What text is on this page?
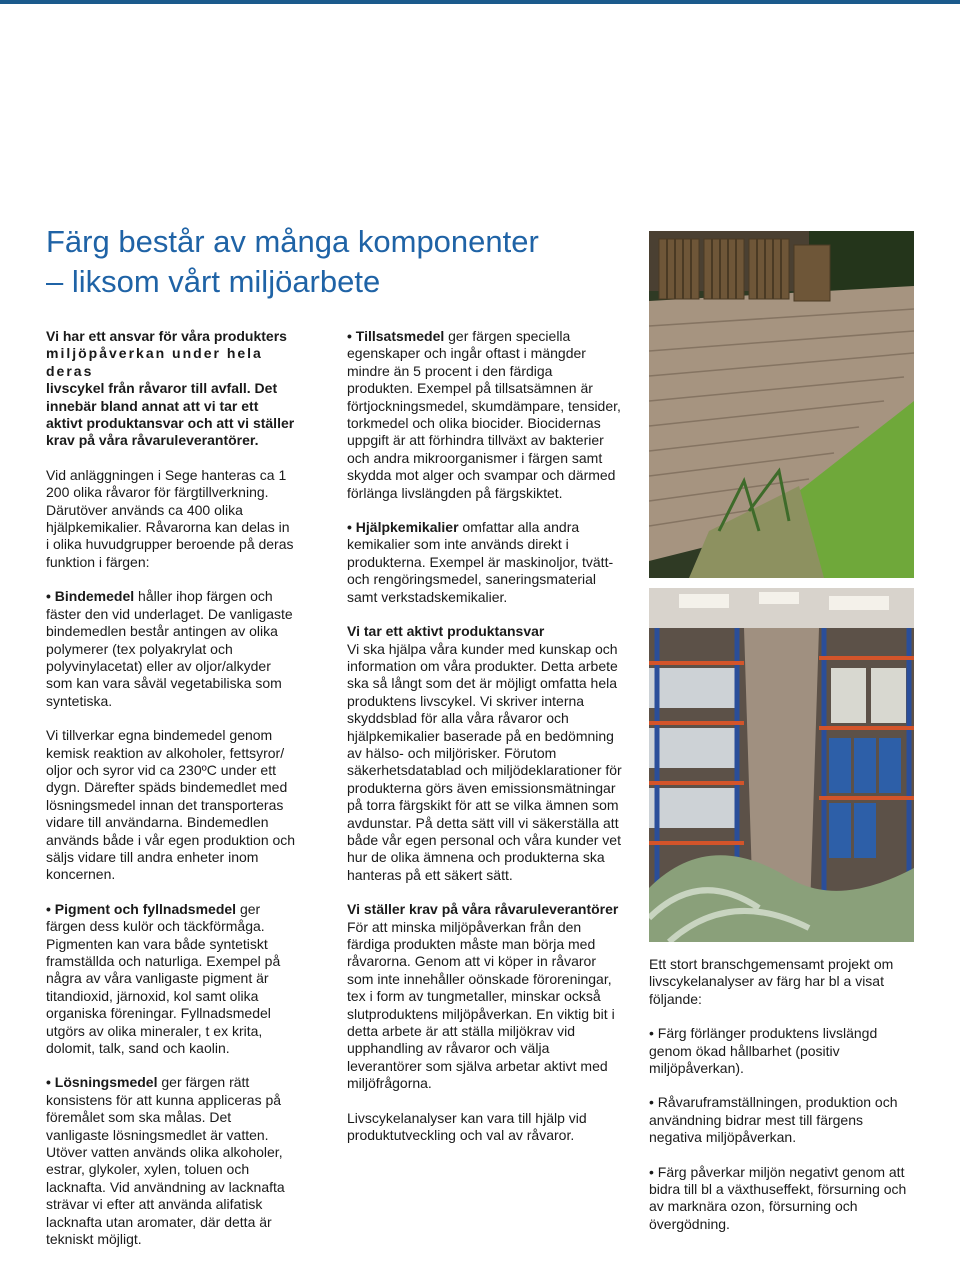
Färg består av många komponenter
– liksom vårt miljöarbete

Vi har ett ansvar för våra produkters
miljöpåverkan under hela deras
livscykel från råvaror till avfall. Det innebär bland annat att vi tar ett aktivt produktansvar och att vi ställer krav på våra råvaruleverantörer.

Vid anläggningen i Sege hanteras ca 1 200 olika råvaror för färgtillverkning. Därutöver används ca 400 olika hjälpkemikalier. Råvarorna kan delas in i olika huvudgrupper beroende på deras funktion i färgen:

• Bindemedel håller ihop färgen och fäster den vid underlaget. De vanligaste bindemedlen består antingen av olika polymerer (tex polyakrylat och polyvinylacetat) eller av oljor/alkyder som kan vara såväl vegetabiliska som syntetiska.

Vi tillverkar egna bindemedel genom kemisk reaktion av alkoholer, fettsyror/ oljor och syror vid ca 230ºC under ett dygn. Därefter späds bindemedlet med lösningsmedel innan det transporteras vidare till användarna. Bindemedlen används både i vår egen produktion och säljs vidare till andra enheter inom koncernen.

• Pigment och fyllnadsmedel ger färgen dess kulör och täckförmåga. Pigmenten kan vara både syntetiskt framställda och naturliga. Exempel på några av våra vanligaste pigment är titandioxid, järnoxid, kol samt olika organiska föreningar. Fyllnadsmedel utgörs av olika mineraler, t ex krita, dolomit, talk, sand och kaolin.

• Lösningsmedel ger färgen rätt konsistens för att kunna appliceras på föremålet som ska målas. Det vanligaste lösningsmedlet är vatten. Utöver vatten används olika alkoholer, estrar, glykoler, xylen, toluen och lacknafta. Vid användning av lacknafta strävar vi efter att använda alifatisk lacknafta utan aromater, där detta är tekniskt möjligt.

• Tillsatsmedel ger färgen speciella egenskaper och ingår oftast i mängder mindre än 5 procent i den färdiga produkten. Exempel på tillsatsämnen är förtjockningsmedel, skumdämpare, tensider, torkmedel och olika biocider. Biocidernas uppgift är att förhindra tillväxt av bakterier och andra mikroorganismer i färgen samt skydda mot alger och svampar och därmed förlänga livslängden på färgskiktet.

• Hjälpkemikalier omfattar alla andra kemikalier som inte används direkt i produkterna. Exempel är maskinoljor, tvätt- och rengöringsmedel, saneringsmaterial samt verkstadskemikalier.

Vi tar ett aktivt produktansvar
Vi ska hjälpa våra kunder med kunskap och information om våra produkter. Detta arbete ska så långt som det är möjligt omfatta hela produktens livscykel. Vi skriver interna skyddsblad för alla våra råvaror och hjälpkemikalier baserade på en bedömning av hälso- och miljörisker. Förutom säkerhetsdatablad och miljödeklarationer för produkterna görs även emissionsmätningar på torra färgskikt för att se vilka ämnen som avdunstar. På detta sätt vill vi säkerställa att både vår egen personal och våra kunder vet hur de olika ämnena och produkterna ska hanteras på ett säkert sätt.

Vi ställer krav på våra råvaruleverantörer
För att minska miljöpåverkan från den färdiga produkten måste man börja med råvarorna. Genom att vi köper in råvaror som inte innehåller oönskade föroreningar, tex i form av tungmetaller, minskar också slutproduktens miljöpåverkan. En viktig bit i detta arbete är att ställa miljökrav vid upphandling av råvaror och välja leverantörer som själva arbetar aktivt med miljöfrågorna.

Livscykelanalyser kan vara till hjälp vid produktutveckling och val av råvaror.

Ett stort branschgemensamt projekt om livscykelanalyser av färg har bl a visat följande:

• Färg förlänger produktens livslängd genom ökad hållbarhet (positiv miljöpåverkan).

• Råvaruframställningen, produktion och användning bidrar mest till färgens negativa miljöpåverkan.

• Färg påverkar miljön negativt genom att bidra till bl a växthuseffekt, försurning och av marknära ozon, försurning och övergödning.
